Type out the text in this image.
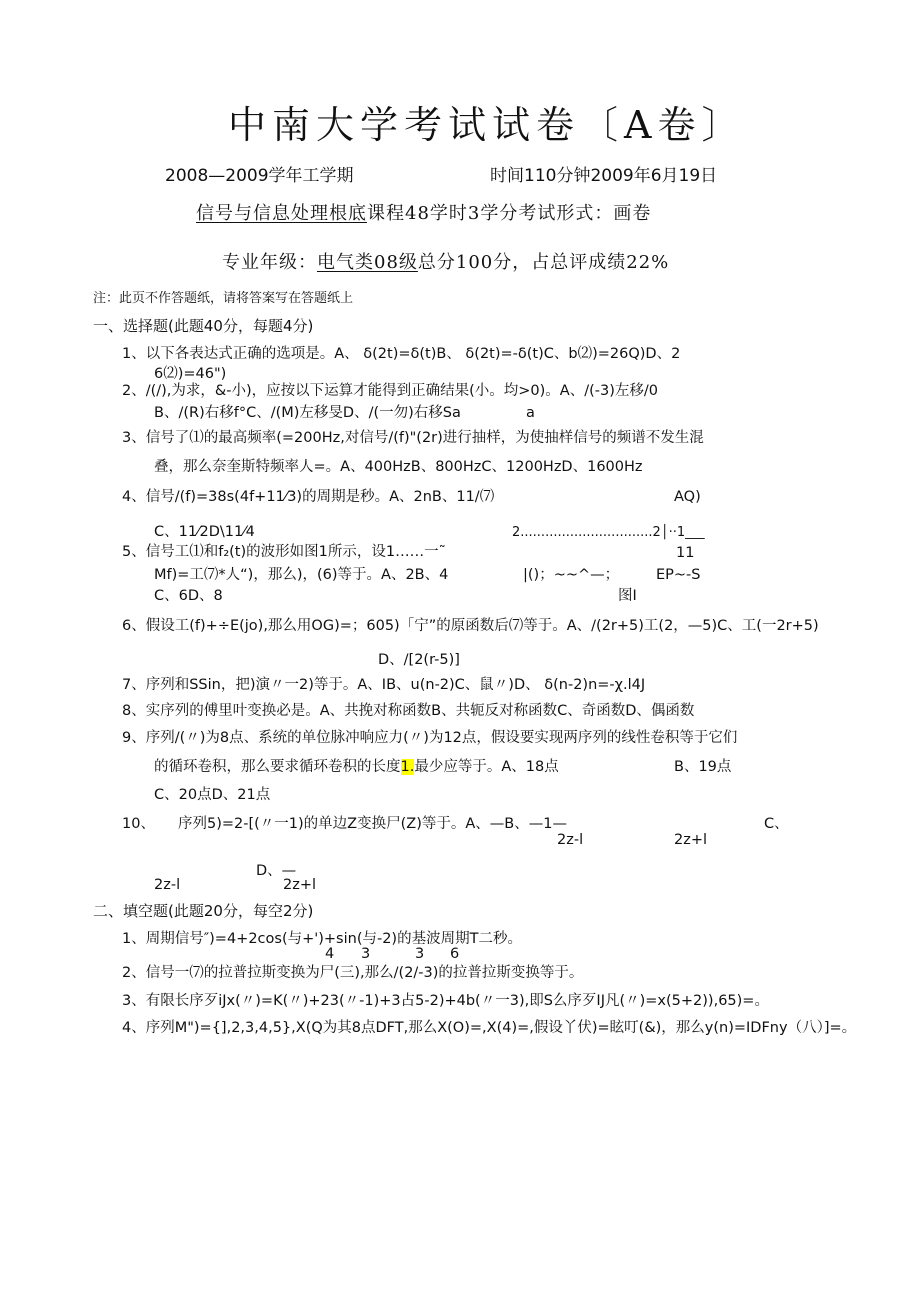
中南大学考试试卷〔A卷〕
2008—2009学年工学期	时间110分钟2009年6月19日
信号与信息处理根底课程48学时3学分考试形式：画卷
专业年级：电气类08级总分100分，占总评成绩22%
注：此页不作答题纸，请将答案写在答题纸上
一、选择题(此题40分，每题4分)
1、以下各表达式正确的选项是。A、 δ(2t)=δ(t)B、 δ(2t)=-δ(t)C、b⑵)=26Q)D、2
6⑵)=46")
2、/(/),为求，&-小)，应按以下运算才能得到正确结果(小。均>0)。A、/(-3)左移/0
B、/(R)右移f°C、/(M)左移旻D、/(一勿)右移Sa	a
3、信号了⑴的最高频率(=200Hz,对信号/(f)"(2r)进行抽样，为使抽样信号的频谱不发生混
叠，那么奈奎斯特频率人=。A、400HzB、800HzC、1200HzD、1600Hz
4、信号/(f)=38s(4f+11⁄3)的周期是秒。A、2nB、11/⑺	AQ)
C、11⁄2D\11⁄4	2................................2│··1___
5、信号工⑴和f₂(t)的波形如图1所示，设1……一˜	11
Mf)=工⑺*人“)，那么)，(6)等于。A、2B、4	|()；~~^—；	EP~-S
C、6D、8	图I
6、假设工(f)+÷E(jo),那么用OG)=；605)「宁”的原函数后⑺等于。A、/(2r+5)工(2，—5)C、工(一2r+5)
D、/[2(r-5)]
7、序列和SSin，把)演〃一2)等于。A、IB、u(n-2)C、鼠〃)D、 δ(n-2)n=-χ.l4J
8、实序列的傅里叶变换必是。A、共挽对称函数B、共轭反对称函数C、奇函数D、偶函数
9、序列/(〃)为8点、系统的单位脉冲响应力(〃)为12点，假设要实现两序列的线性卷积等于它们
的循环卷积，那么要求循环卷积的长度1.最少应等于。A、18点	B、19点
C、20点D、21点
10、 序列5)=2-[(〃一1)的单边Z变换尸(Z)等于。A、—B、—1—	C、
2z-l	2z+l
D、—
2z-l	2z+l
二、填空题(此题20分，每空2分)
1、周期信号″)=4+2cos(与+')+sin(与-2)的基波周期T二秒。
4 3	3 6
2、信号一⑺的拉普拉斯变换为尸(三),那么/(2/-3)的拉普拉斯变换等于。
3、有限长序歹iJx(〃)=K(〃)+23(〃-1)+3占5-2)+4b(〃一3),即S么序歹IJ凡(〃)=x(5+2)),65)=。
4、序列M")={],2,3,4,5},X(Q为其8点DFT,那么X(O)=,X(4)=,假设丫伏)=眩叮(&)，那么y(n)=IDFny（八）]=。
